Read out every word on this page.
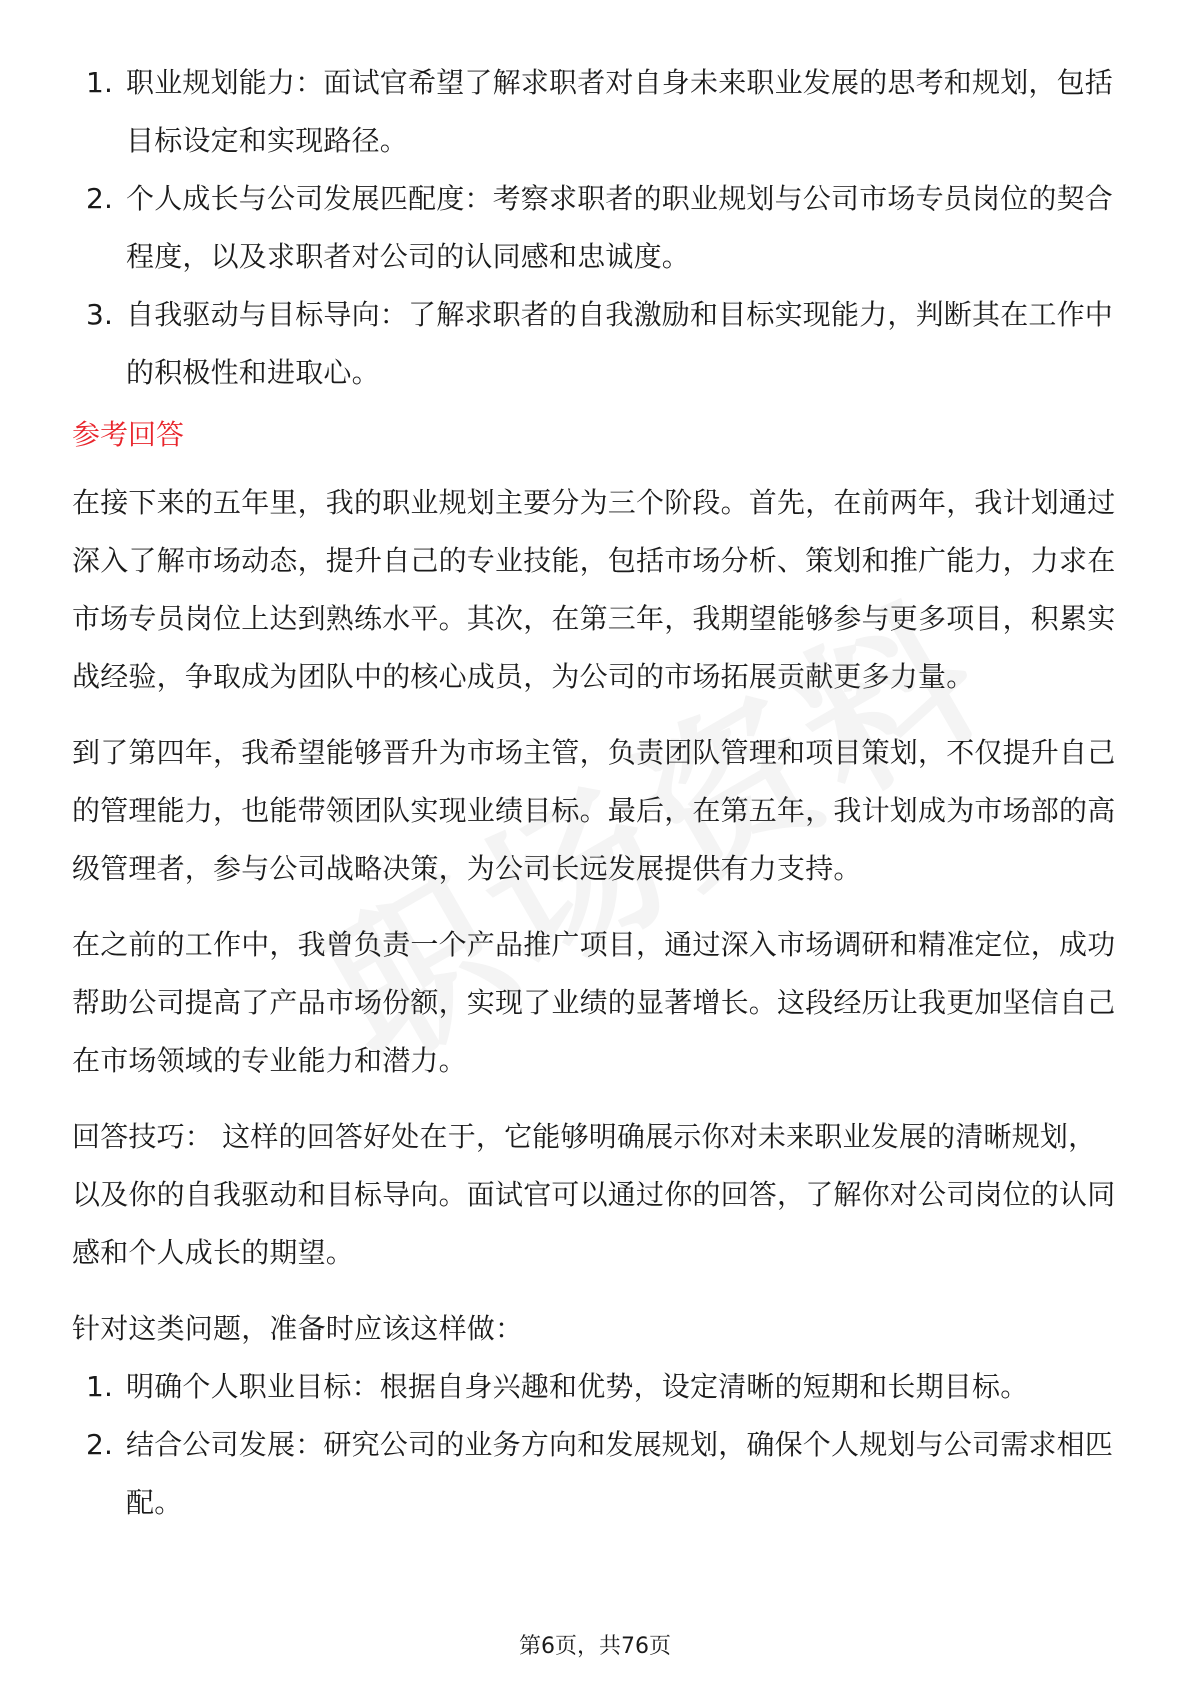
1. 职业规划能力：面试官希望了解求职者对自身未来职业发展的思考和规划，包括目标设定和实现路径。
2. 个人成长与公司发展匹配度：考察求职者的职业规划与公司市场专员岗位的契合程度，以及求职者对公司的认同感和忠诚度。
3. 自我驱动与目标导向：了解求职者的自我激励和目标实现能力，判断其在工作中的积极性和进取心。
参考回答

在接下来的五年里，我的职业规划主要分为三个阶段。首先，在前两年，我计划通过深入了解市场动态，提升自己的专业技能，包括市场分析、策划和推广能力，力求在市场专员岗位上达到熟练水平。其次，在第三年，我期望能够参与更多项目，积累实战经验，争取成为团队中的核心成员，为公司的市场拓展贡献更多力量。

到了第四年，我希望能够晋升为市场主管，负责团队管理和项目策划，不仅提升自己的管理能力，也能带领团队实现业绩目标。最后，在第五年，我计划成为市场部的高级管理者，参与公司战略决策，为公司长远发展提供有力支持。

在之前的工作中，我曾负责一个产品推广项目，通过深入市场调研和精准定位，成功帮助公司提高了产品市场份额，实现了业绩的显著增长。这段经历让我更加坚信自己在市场领域的专业能力和潜力。

回答技巧： 这样的回答好处在于，它能够明确展示你对未来职业发展的清晰规划，以及你的自我驱动和目标导向。面试官可以通过你的回答，了解你对公司岗位的认同感和个人成长的期望。

针对这类问题，准备时应该这样做：

1. 明确个人职业目标：根据自身兴趣和优势，设定清晰的短期和长期目标。
2. 结合公司发展：研究公司的业务方向和发展规划，确保个人规划与公司需求相匹配。
第6页，共76页
